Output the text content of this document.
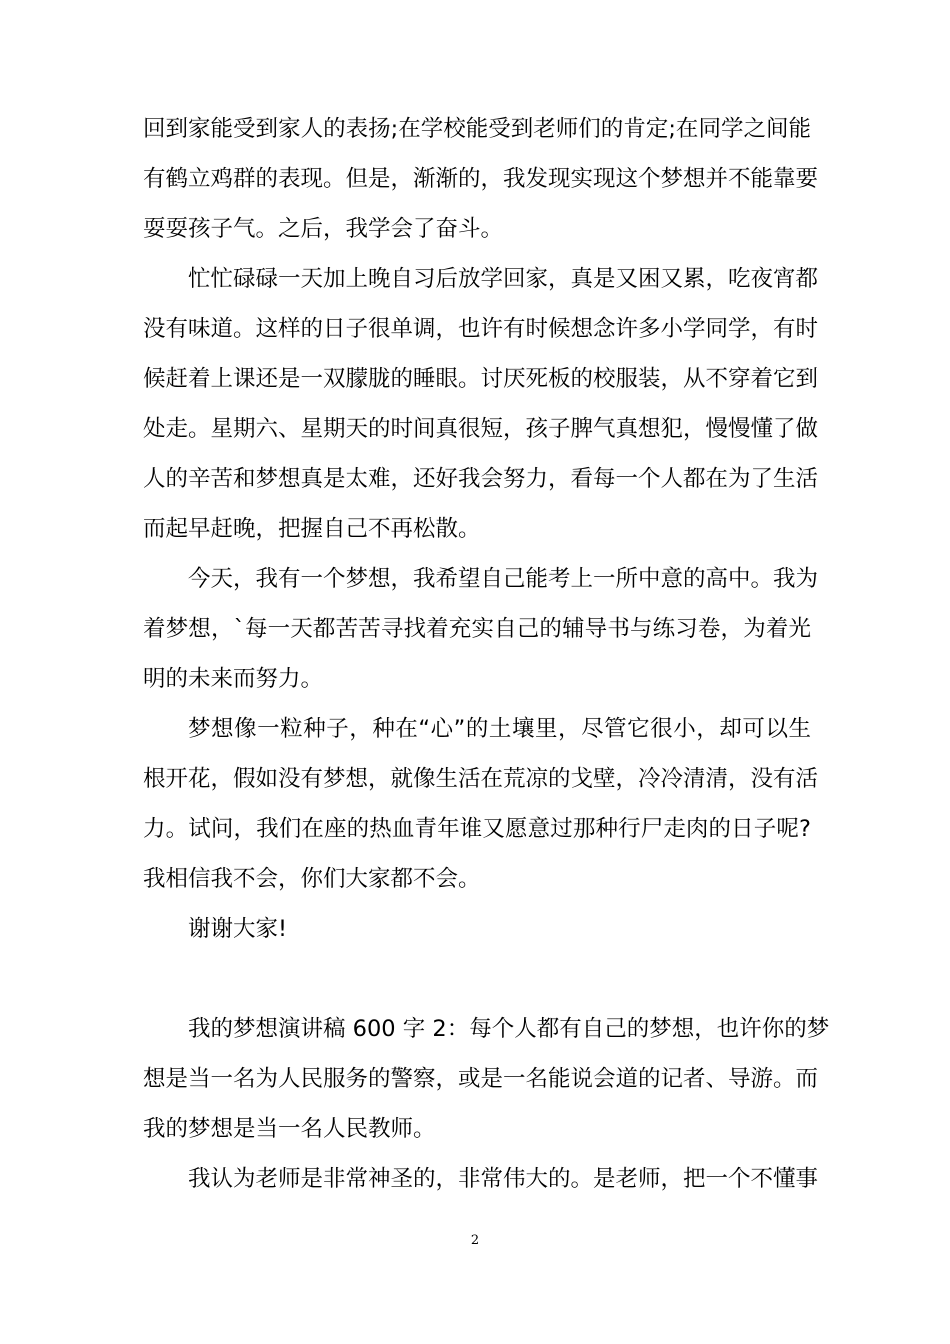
回到家能受到家人的表扬;在学校能受到老师们的肯定;在同学之间能
有鹤立鸡群的表现。但是，渐渐的，我发现实现这个梦想并不能靠要
耍耍孩子气。之后，我学会了奋斗。
忙忙碌碌一天加上晚自习后放学回家，真是又困又累，吃夜宵都
没有味道。这样的日子很单调，也许有时候想念许多小学同学，有时
候赶着上课还是一双朦胧的睡眼。讨厌死板的校服装，从不穿着它到
处走。星期六、星期天的时间真很短，孩子脾气真想犯，慢慢懂了做
人的辛苦和梦想真是太难，还好我会努力，看每一个人都在为了生活
而起早赶晚，把握自己不再松散。
今天，我有一个梦想，我希望自己能考上一所中意的高中。我为
着梦想，`每一天都苦苦寻找着充实自己的辅导书与练习卷，为着光
明的未来而努力。
梦想像一粒种子，种在“心”的土壤里，尽管它很小，却可以生
根开花，假如没有梦想，就像生活在荒凉的戈壁，冷冷清清，没有活
力。试问，我们在座的热血青年谁又愿意过那种行尸走肉的日子呢?
我相信我不会，你们大家都不会。
谢谢大家!
我的梦想演讲稿 600 字 2：每个人都有自己的梦想，也许你的梦
想是当一名为人民服务的警察，或是一名能说会道的记者、导游。而
我的梦想是当一名人民教师。
我认为老师是非常神圣的，非常伟大的。是老师，把一个不懂事
2
